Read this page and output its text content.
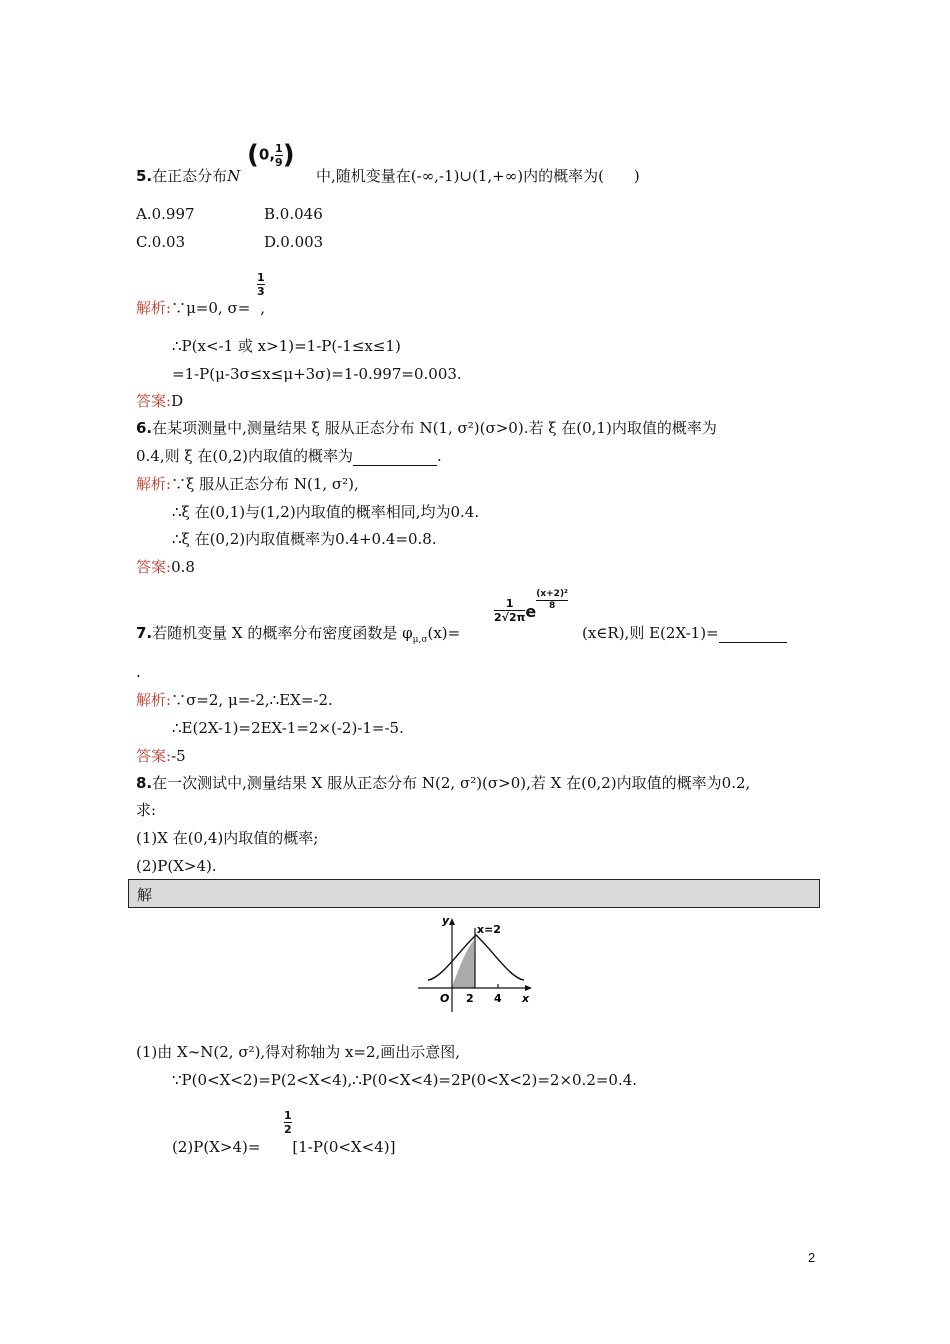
5.在正态分布N
(0, $\frac{1}{9}$ )
中,随机变量在(-∞,-1)∪(1,+∞)内的概率为(　　)
A.0.997	B.0.046
C.0.03	D.0.003
$\frac{1}{3}$
解析:∵μ=0, σ= ,
∴P(x<-1 或 x>1)=1-P(-1≤x≤1)
=1-P(μ-3σ≤x≤μ+3σ)=1-0.997=0.003.
答案:D
6.在某项测量中,测量结果 ξ 服从正态分布 N(1, σ²)(σ>0).若 ξ 在(0,1)内取值的概率为
0.4,则 ξ 在(0,2)内取值的概率为	.
解析:∵ξ 服从正态分布 N(1, σ²),
∴ξ 在(0,1)与(1,2)内取值的概率相同,均为0.4.
∴ξ 在(0,2)内取值概率为0.4+0.4=0.8.
答案:0.8
7.若随机变量 X 的概率分布密度函数是 $\varphi_{\mu,\sigma}(x)=$
$\frac{1}{2√2\pi}$ e
$\frac{\text{(x+2)²}}{8}$
(x∈R),则 E(2X-1)=
.
解析:∵σ=2, μ=-2,∴EX=-2.
∴E(2X-1)=2EX-1=2×(-2)-1=-5.
答案:-5
8.在一次测试中,测量结果 X 服从正态分布 N(2, σ²)(σ>0),若 X 在(0,2)内取值的概率为0.2,
求:
(1)X 在(0,4)内取值的概率;
(2)P(X>4).
解
y
x
O 2 4
x=2
(1)由 X~N(2, σ²),得对称轴为 x=2,画出示意图,
∵P(0<X<2)=P(2<X<4),∴P(0<X<4)=2P(0<X<2)=2×0.2=0.4.
$\frac{1}{2}$
(2)P(X>4)= [1-P(0<X<4)]
2
